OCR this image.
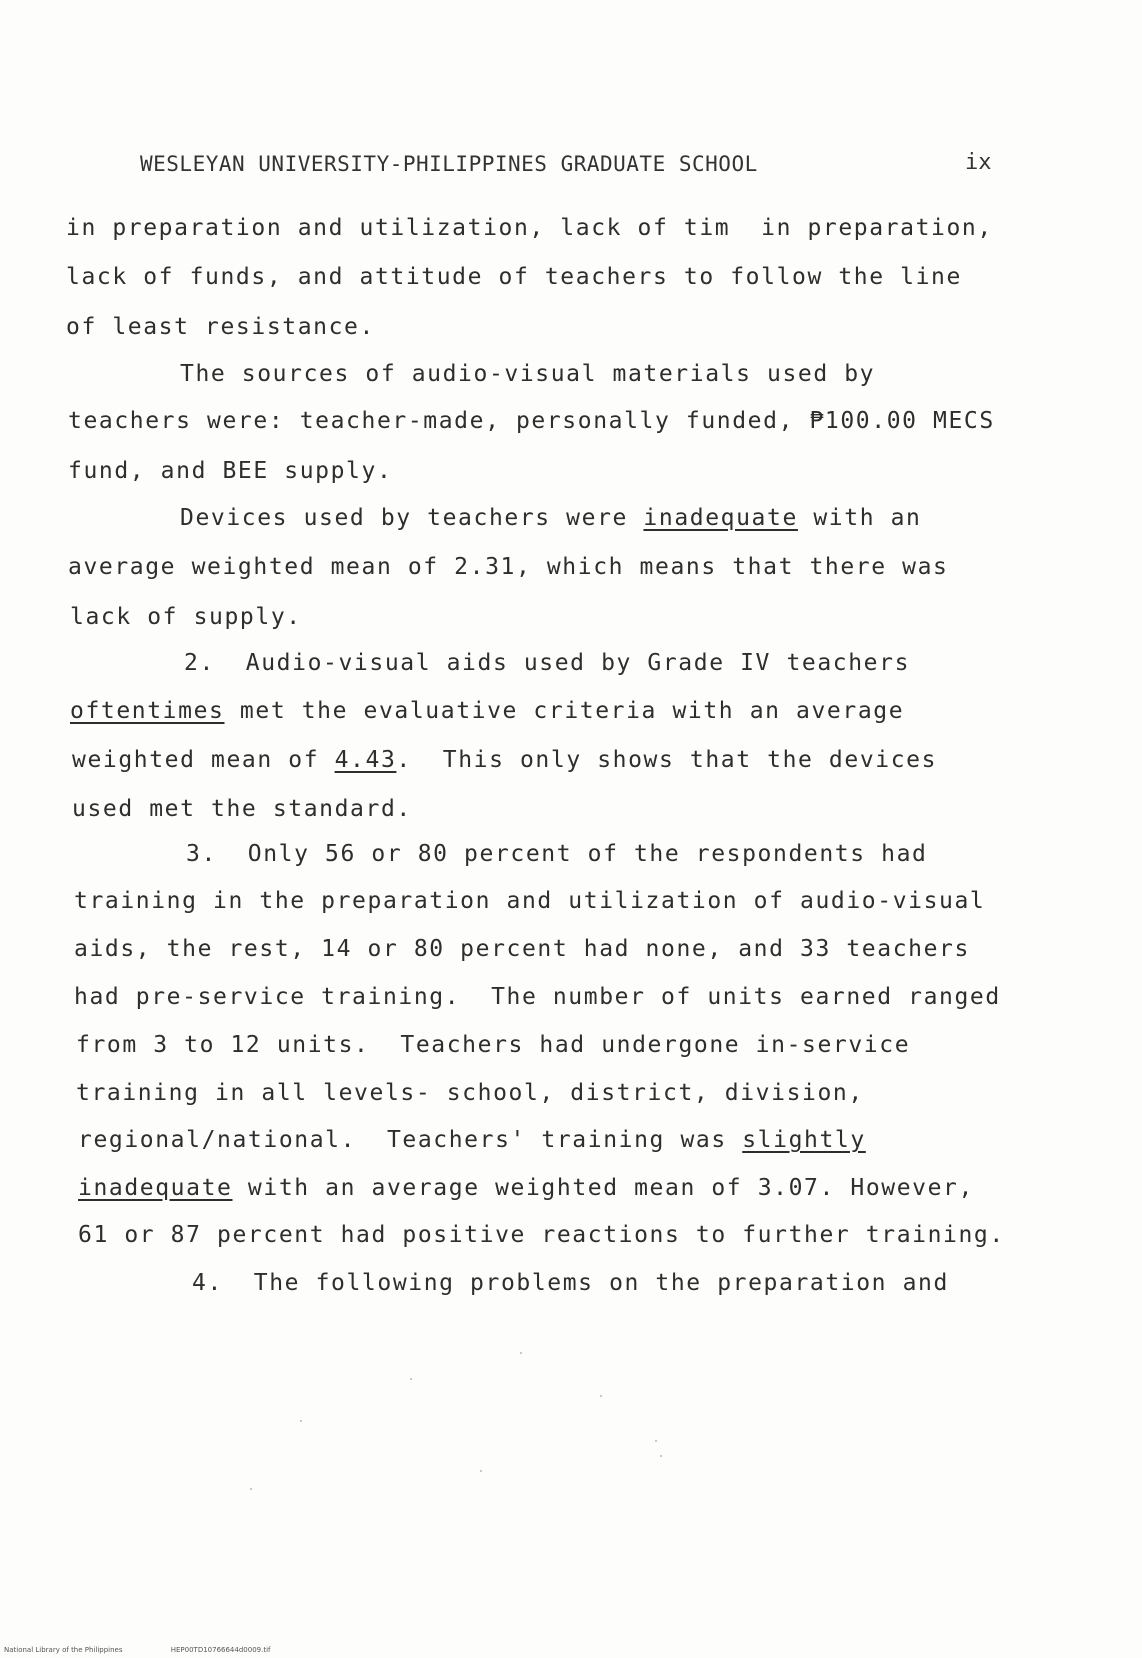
WESLEYAN UNIVERSITY-PHILIPPINES GRADUATE SCHOOL	ix
in preparation and utilization, lack of tim  in preparation,
lack of funds, and attitude of teachers to follow the line
of least resistance.
The sources of audio-visual materials used by
teachers were: teacher-made, personally funded, ₱100.00 MECS
fund, and BEE supply.
Devices used by teachers were inadequate with an
average weighted mean of 2.31, which means that there was
lack of supply.
2.  Audio-visual aids used by Grade IV teachers
oftentimes met the evaluative criteria with an average
weighted mean of 4.43.  This only shows that the devices
used met the standard.
3.  Only 56 or 80 percent of the respondents had
training in the preparation and utilization of audio-visual
aids, the rest, 14 or 80 percent had none, and 33 teachers
had pre-service training.  The number of units earned ranged
from 3 to 12 units.  Teachers had undergone in-service
training in all levels- school, district, division,
regional/national.  Teachers' training was slightly
inadequate with an average weighted mean of 3.07. However,
61 or 87 percent had positive reactions to further training.
4.  The following problems on the preparation and
National Library of the Philippines	HEP00TD10766644d0009.tif
